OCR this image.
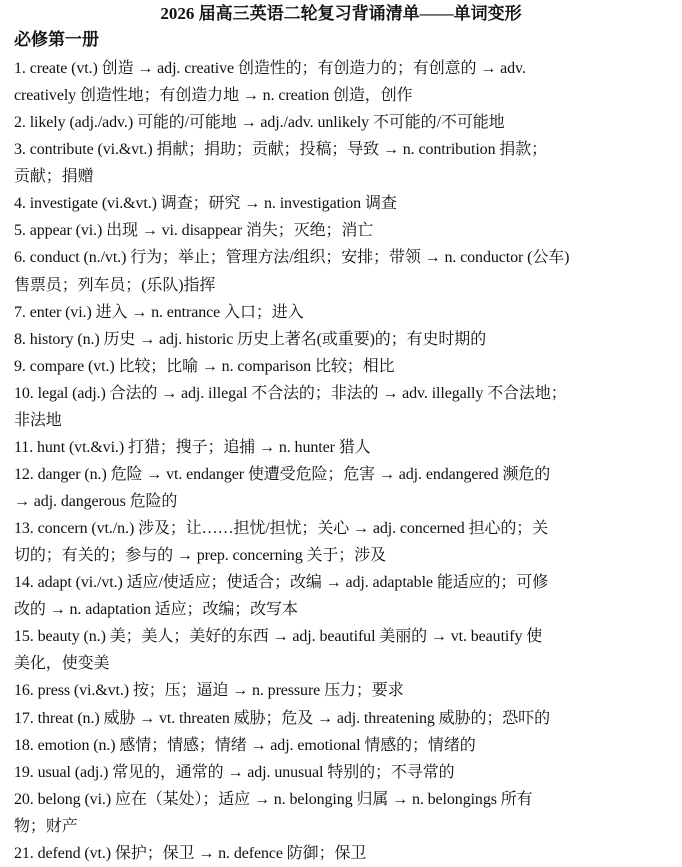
2026 届高三英语二轮复习背诵清单——单词变形
必修第一册
1. create (vt.) 创造 → adj. creative 创造性的；有创造力的；有创意的 → adv.
creatively 创造性地；有创造力地 → n. creation 创造，创作
2. likely (adj./adv.) 可能的/可能地 → adj./adv. unlikely 不可能的/不可能地
3. contribute (vi.&vt.) 捐献；捐助；贡献；投稿；导致 → n. contribution 捐款；
贡献；捐赠
4. investigate (vi.&vt.) 调查；研究 → n. investigation 调查
5. appear (vi.) 出现 → vi. disappear 消失；灭绝；消亡
6. conduct (n./vt.) 行为；举止；管理方法/组织；安排；带领 → n. conductor (公车)
售票员；列车员；(乐队)指挥
7. enter (vi.) 进入 → n. entrance 入口；进入
8. history (n.) 历史 → adj. historic 历史上著名(或重要)的；有史时期的
9. compare (vt.) 比较；比喻 → n. comparison 比较；相比
10. legal (adj.) 合法的 → adj. illegal 不合法的；非法的 → adv. illegally 不合法地；
非法地
11. hunt (vt.&vi.) 打猎；搜子；追捕 → n. hunter 猎人
12. danger (n.) 危险 → vt. endanger 使遭受危险；危害 → adj. endangered 濒危的
→ adj. dangerous 危险的
13. concern (vt./n.) 涉及；让……担忧/担忧；关心 → adj. concerned 担心的；关
切的；有关的；参与的 → prep. concerning 关于；涉及
14. adapt (vi./vt.) 适应/使适应；使适合；改编 → adj. adaptable 能适应的；可修
改的 → n. adaptation 适应；改编；改写本
15. beauty (n.) 美；美人；美好的东西 → adj. beautiful 美丽的 → vt. beautify 使
美化，使变美
16. press (vi.&vt.) 按；压；逼迫 → n. pressure 压力；要求
17. threat (n.) 威胁 → vt. threaten 威胁；危及 → adj. threatening 威胁的；恐吓的
18. emotion (n.) 感情；情感；情绪 → adj. emotional 情感的；情绪的
19. usual (adj.) 常见的，通常的 → adj. unusual 特别的；不寻常的
20. belong (vi.) 应在（某处）；适应 → n. belonging 归属 → n. belongings 所有
物；财产
21. defend (vt.) 保护；保卫 → n. defence 防御；保卫
